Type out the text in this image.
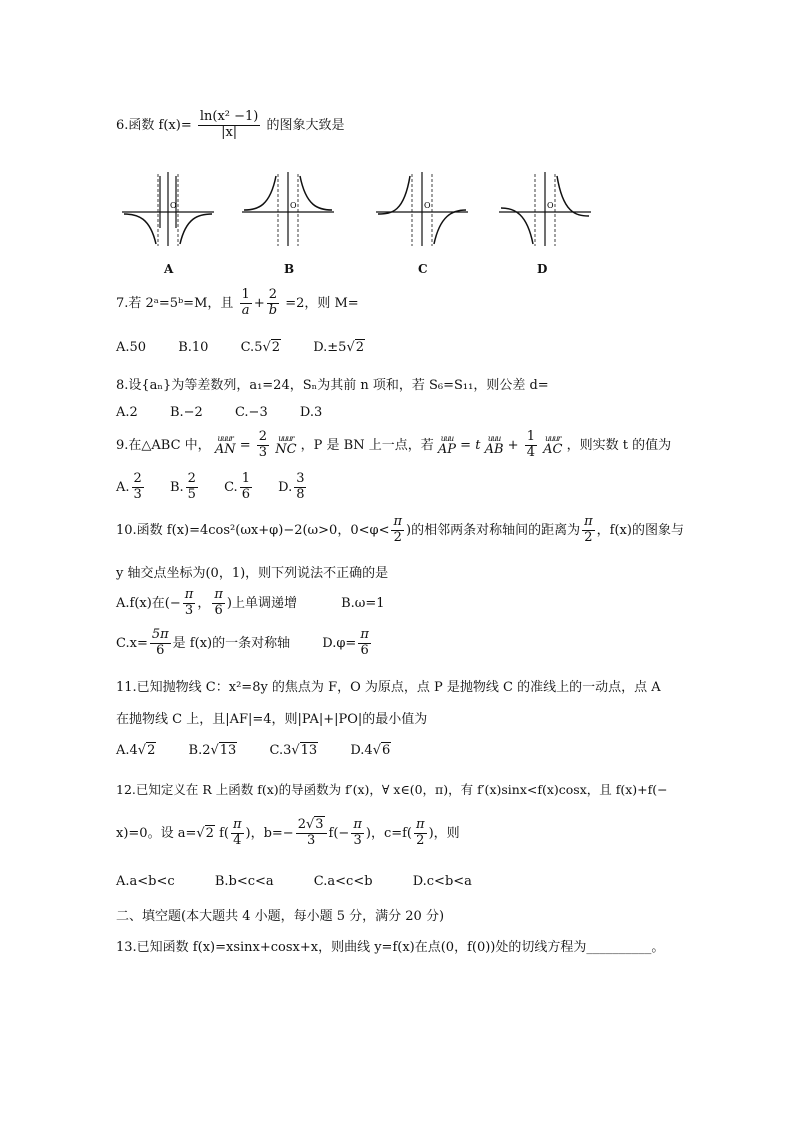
6.函数 $f(x)= \frac{\text{ln(x² −1)}}{|x|}$ 的图象大致是
O	O	O	O
A	B	C	D
7.若 2ᵃ=5ᵇ=M，且 $\frac{1}{a} + \frac{2}{b} =2$，则 M=
A.50 B.10 C.5√2	D.±5√2
8.设{aₙ}为等差数列，a₁=24，Sₙ为其前 n 项和，若 S₆=S₁₁，则公差 d=
A.2 B.−2 C.−3 D.3
9.在△ABC 中， uuur
AN = $\frac{2}{3}$
uuur
NC ，P 是 BN 上一点，若 uuu
AP = t uuu
AB + $\frac{1}{4}$
uuur
AC ，则实数 t 的值为
A. $\frac{2}{3} B$. $\frac{2}{5} C$. $\frac{1}{6} D$. $\frac{3}{8}$
10.函数 f(x)=4cos²(ωx+φ)−2(ω>0，$0<\varphi< \frac{\pi}{2}$ )的相邻两条对称轴间的距离为 $\frac{\pi}{2}$ ，f(x)的图象与
y 轴交点坐标为(0，1)，则下列说法不正确的是
A.f(x)在(− $\frac{\pi}{3}$ ， $\frac{\pi}{6}$ )上单调递增	B.ω=1
$C.x= \frac{5\pi}{6}$ 是 f(x)的一条对称轴 $D.\varphi= \frac{\pi}{6}$
11.已知抛物线 C：x²=8y 的焦点为 F，O 为原点，点 P 是抛物线 C 的准线上的一动点，点 A
在抛物线 C 上，且|AF|=4，则|PA|+|PO|的最小值为
A.4√2	B.2√13	C.3√13	D.4√6
12.已知定义在 R 上函数 f(x)的导函数为 f′(x)，∀ x∈(0，π)，有 f′(x)sinx<f(x)cosx，且 f(x)+f(−
x)=0。设 a=√2 $f( \frac{\pi}{4}$ )，$b=- \frac{2√3}{3} f(- \frac{\pi}{3}$ )，$c=f( \frac{\pi}{2}$ )，则
A.a<b<c	B.b<c<a	C.a<c<b	D.c<b<a
二、填空题(本大题共 4 小题，每小题 5 分，满分 20 分)
13.已知函数 f(x)=xsinx+cosx+x，则曲线 y=f(x)在点(0，f(0))处的切线方程为__________。
